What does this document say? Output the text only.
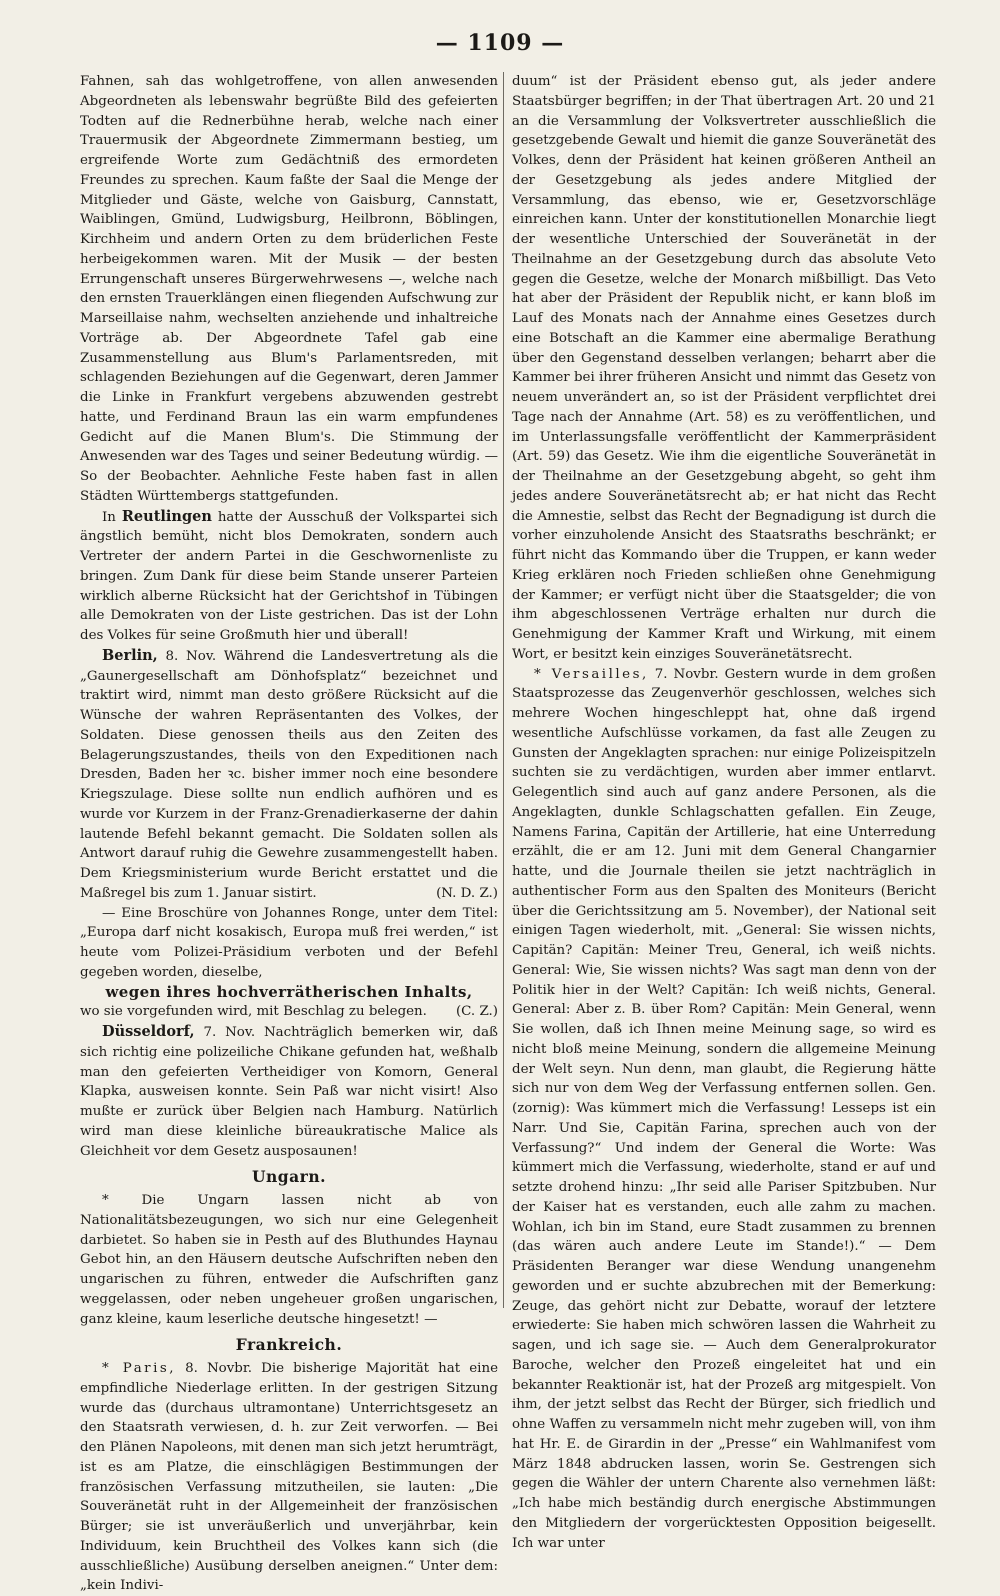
— 1109 —

Fahnen, sah das wohlgetroffene, von allen anwesenden Abgeordneten als lebenswahr begrüßte Bild des gefeierten Todten auf die Rednerbühne herab, welche nach einer Trauermusik der Abgeordnete Zimmermann bestieg, um ergreifende Worte zum Gedächtniß des ermordeten Freundes zu sprechen. Kaum faßte der Saal die Menge der Mitglieder und Gäste, welche von Gaisburg, Cannstatt, Waiblingen, Gmünd, Ludwigsburg, Heilbronn, Böblingen, Kirchheim und andern Orten zu dem brüderlichen Feste herbeigekommen waren. Mit der Musik — der besten Errungenschaft unseres Bürgerwehrwesens —, welche nach den ernsten Trauerklängen einen fliegenden Aufschwung zur Marseillaise nahm, wechselten anziehende und inhaltreiche Vorträge ab. Der Abgeordnete Tafel gab eine Zusammenstellung aus Blum's Parlamentsreden, mit schlagenden Beziehungen auf die Gegenwart, deren Jammer die Linke in Frankfurt vergebens abzuwenden gestrebt hatte, und Ferdinand Braun las ein warm empfundenes Gedicht auf die Manen Blum's. Die Stimmung der Anwesenden war des Tages und seiner Bedeutung würdig. — So der Beobachter. Aehnliche Feste haben fast in allen Städten Württembergs stattgefunden.

In Reutlingen hatte der Ausschuß der Volkspartei sich ängstlich bemüht, nicht blos Demokraten, sondern auch Vertreter der andern Partei in die Geschwornenliste zu bringen. Zum Dank für diese beim Stande unserer Parteien wirklich alberne Rücksicht hat der Gerichtshof in Tübingen alle Demokraten von der Liste gestrichen. Das ist der Lohn des Volkes für seine Großmuth hier und überall!

Berlin, 8. Nov. Während die Landesvertretung als die „Gaunergesellschaft am Dönhofsplatz“ bezeichnet und traktirt wird, nimmt man desto größere Rücksicht auf die Wünsche der wahren Repräsentanten des Volkes, der Soldaten. Diese genossen theils aus den Zeiten des Belagerungszustandes, theils von den Expeditionen nach Dresden, Baden her ꝛc. bisher immer noch eine besondere Kriegszulage. Diese sollte nun endlich aufhören und es wurde vor Kurzem in der Franz-Grenadierkaserne der dahin lautende Befehl bekannt gemacht. Die Soldaten sollen als Antwort darauf ruhig die Gewehre zusammengestellt haben. Dem Kriegsministerium wurde Bericht erstattet und die Maßregel bis zum 1. Januar sistirt.	(N. D. Z.)

— Eine Broschüre von Johannes Ronge, unter dem Titel: „Europa darf nicht kosakisch, Europa muß frei werden,“ ist heute vom Polizei-Präsidium verboten und der Befehl gegeben worden, dieselbe,
wegen ihres hochverrätherischen Inhalts,
wo sie vorgefunden wird, mit Beschlag zu belegen. (C. Z.)

Düsseldorf, 7. Nov. Nachträglich bemerken wir, daß sich richtig eine polizeiliche Chikane gefunden hat, weßhalb man den gefeierten Vertheidiger von Komorn, General Klapka, ausweisen konnte. Sein Paß war nicht visirt! Also mußte er zurück über Belgien nach Hamburg. Natürlich wird man diese kleinliche büreaukratische Malice als Gleichheit vor dem Gesetz ausposaunen!

Ungarn.

* Die Ungarn lassen nicht ab von Nationalitätsbezeugungen, wo sich nur eine Gelegenheit darbietet. So haben sie in Pesth auf des Bluthundes Haynau Gebot hin, an den Häusern deutsche Aufschriften neben den ungarischen zu führen, entweder die Aufschriften ganz weggelassen, oder neben ungeheuer großen ungarischen, ganz kleine, kaum leserliche deutsche hingesetzt! —

Frankreich.

* Paris, 8. Novbr. Die bisherige Majorität hat eine empfindliche Niederlage erlitten. In der gestrigen Sitzung wurde das (durchaus ultramontane) Unterrichtsgesetz an den Staatsrath verwiesen, d. h. zur Zeit verworfen. — Bei den Plänen Napoleons, mit denen man sich jetzt herumträgt, ist es am Platze, die einschlägigen Bestimmungen der französischen Verfassung mitzutheilen, sie lauten: „Die Souveränetät ruht in der Allgemeinheit der französischen Bürger; sie ist unveräußerlich und unverjährbar, kein Individuum, kein Bruchtheil des Volkes kann sich (die ausschließliche) Ausübung derselben aneignen.“ Unter dem: „kein Indivi-

duum“ ist der Präsident ebenso gut, als jeder andere Staatsbürger begriffen; in der That übertragen Art. 20 und 21 an die Versammlung der Volksvertreter ausschließlich die gesetzgebende Gewalt und hiemit die ganze Souveränetät des Volkes, denn der Präsident hat keinen größeren Antheil an der Gesetzgebung als jedes andere Mitglied der Versammlung, das ebenso, wie er, Gesetzvorschläge einreichen kann. Unter der konstitutionellen Monarchie liegt der wesentliche Unterschied der Souveränetät in der Theilnahme an der Gesetzgebung durch das absolute Veto gegen die Gesetze, welche der Monarch mißbilligt. Das Veto hat aber der Präsident der Republik nicht, er kann bloß im Lauf des Monats nach der Annahme eines Gesetzes durch eine Botschaft an die Kammer eine abermalige Berathung über den Gegenstand desselben verlangen; beharrt aber die Kammer bei ihrer früheren Ansicht und nimmt das Gesetz von neuem unverändert an, so ist der Präsident verpflichtet drei Tage nach der Annahme (Art. 58) es zu veröffentlichen, und im Unterlassungsfalle veröffentlicht der Kammerpräsident (Art. 59) das Gesetz. Wie ihm die eigentliche Souveränetät in der Theilnahme an der Gesetzgebung abgeht, so geht ihm jedes andere Souveränetätsrecht ab; er hat nicht das Recht die Amnestie, selbst das Recht der Begnadigung ist durch die vorher einzuholende Ansicht des Staatsraths beschränkt; er führt nicht das Kommando über die Truppen, er kann weder Krieg erklären noch Frieden schließen ohne Genehmigung der Kammer; er verfügt nicht über die Staatsgelder; die von ihm abgeschlossenen Verträge erhalten nur durch die Genehmigung der Kammer Kraft und Wirkung, mit einem Wort, er besitzt kein einziges Souveränetätsrecht.

* Versailles, 7. Novbr. Gestern wurde in dem großen Staatsprozesse das Zeugenverhör geschlossen, welches sich mehrere Wochen hingeschleppt hat, ohne daß irgend wesentliche Aufschlüsse vorkamen, da fast alle Zeugen zu Gunsten der Angeklagten sprachen: nur einige Polizeispitzeln suchten sie zu verdächtigen, wurden aber immer entlarvt. Gelegentlich sind auch auf ganz andere Personen, als die Angeklagten, dunkle Schlagschatten gefallen. Ein Zeuge, Namens Farina, Capitän der Artillerie, hat eine Unterredung erzählt, die er am 12. Juni mit dem General Changarnier hatte, und die Journale theilen sie jetzt nachträglich in authentischer Form aus den Spalten des Moniteurs (Bericht über die Gerichtssitzung am 5. November), der National seit einigen Tagen wiederholt, mit. „General: Sie wissen nichts, Capitän? Capitän: Meiner Treu, General, ich weiß nichts. General: Wie, Sie wissen nichts? Was sagt man denn von der Politik hier in der Welt? Capitän: Ich weiß nichts, General. General: Aber z. B. über Rom? Capitän: Mein General, wenn Sie wollen, daß ich Ihnen meine Meinung sage, so wird es nicht bloß meine Meinung, sondern die allgemeine Meinung der Welt seyn. Nun denn, man glaubt, die Regierung hätte sich nur von dem Weg der Verfassung entfernen sollen. Gen. (zornig): Was kümmert mich die Verfassung! Lesseps ist ein Narr. Und Sie, Capitän Farina, sprechen auch von der Verfassung?“ Und indem der General die Worte: Was kümmert mich die Verfassung, wiederholte, stand er auf und setzte drohend hinzu: „Ihr seid alle Pariser Spitzbuben. Nur der Kaiser hat es verstanden, euch alle zahm zu machen. Wohlan, ich bin im Stand, eure Stadt zusammen zu brennen (das wären auch andere Leute im Stande!).“ — Dem Präsidenten Beranger war diese Wendung unangenehm geworden und er suchte abzubrechen mit der Bemerkung: Zeuge, das gehört nicht zur Debatte, worauf der letztere erwiederte: Sie haben mich schwören lassen die Wahrheit zu sagen, und ich sage sie. — Auch dem Generalprokurator Baroche, welcher den Prozeß eingeleitet hat und ein bekannter Reaktionär ist, hat der Prozeß arg mitgespielt. Von ihm, der jetzt selbst das Recht der Bürger, sich friedlich und ohne Waffen zu versammeln nicht mehr zugeben will, von ihm hat Hr. E. de Girardin in der „Presse“ ein Wahlmanifest vom März 1848 abdrucken lassen, worin Se. Gestrengen sich gegen die Wähler der untern Charente also vernehmen läßt: „Ich habe mich beständig durch energische Abstimmungen den Mitgliedern der vorgerücktesten Opposition beigesellt. Ich war unter
